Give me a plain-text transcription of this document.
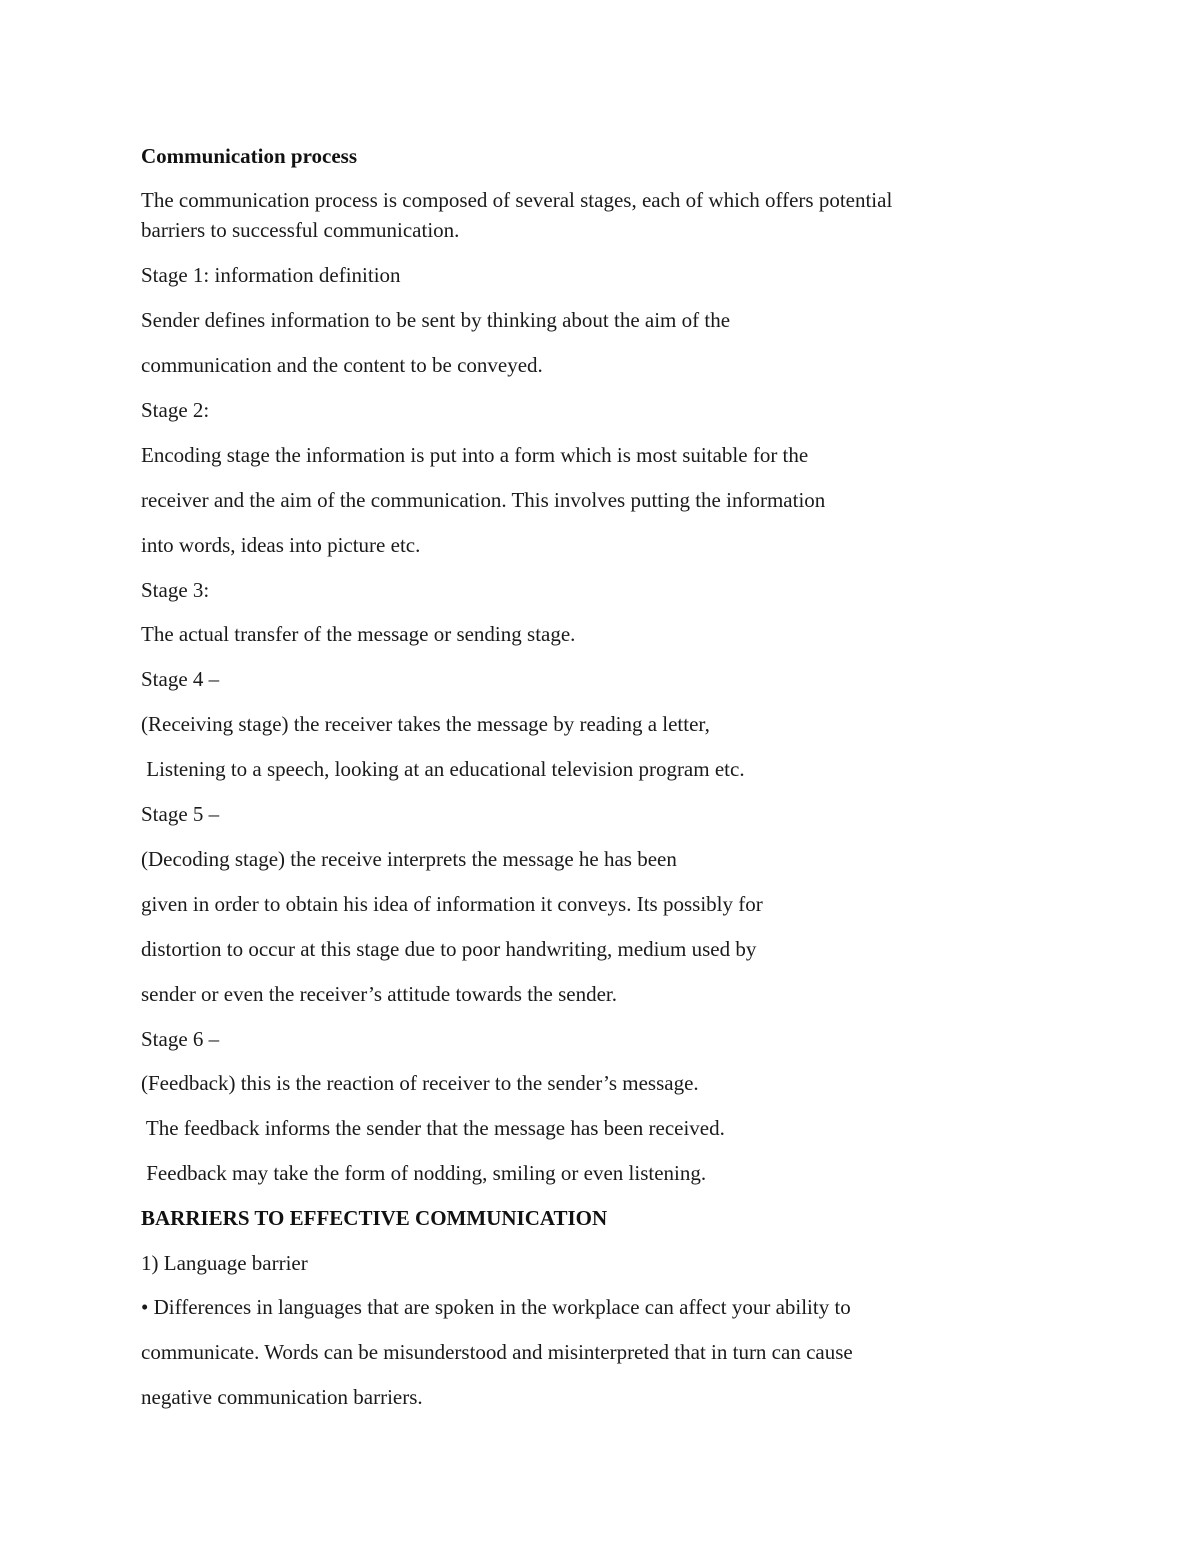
Communication process
The communication process is composed of several stages, each of which offers potential
barriers to successful communication.
Stage 1: information definition
Sender defines information to be sent by thinking about the aim of the
communication and the content to be conveyed.
Stage 2:
Encoding stage the information is put into a form which is most suitable for the
receiver and the aim of the communication. This involves putting the information
into words, ideas into picture etc.
Stage 3:
The actual transfer of the message or sending stage.
Stage 4 –
(Receiving stage) the receiver takes the message by reading a letter,
Listening to a speech, looking at an educational television program etc.
Stage 5 –
(Decoding stage) the receive interprets the message he has been
given in order to obtain his idea of information it conveys. Its possibly for
distortion to occur at this stage due to poor handwriting, medium used by
sender or even the receiver’s attitude towards the sender.
Stage 6 –
(Feedback) this is the reaction of receiver to the sender’s message.
The feedback informs the sender that the message has been received.
Feedback may take the form of nodding, smiling or even listening.
BARRIERS TO EFFECTIVE COMMUNICATION
1) Language barrier
• Differences in languages that are spoken in the workplace can affect your ability to
communicate. Words can be misunderstood and misinterpreted that in turn can cause
negative communication barriers.
